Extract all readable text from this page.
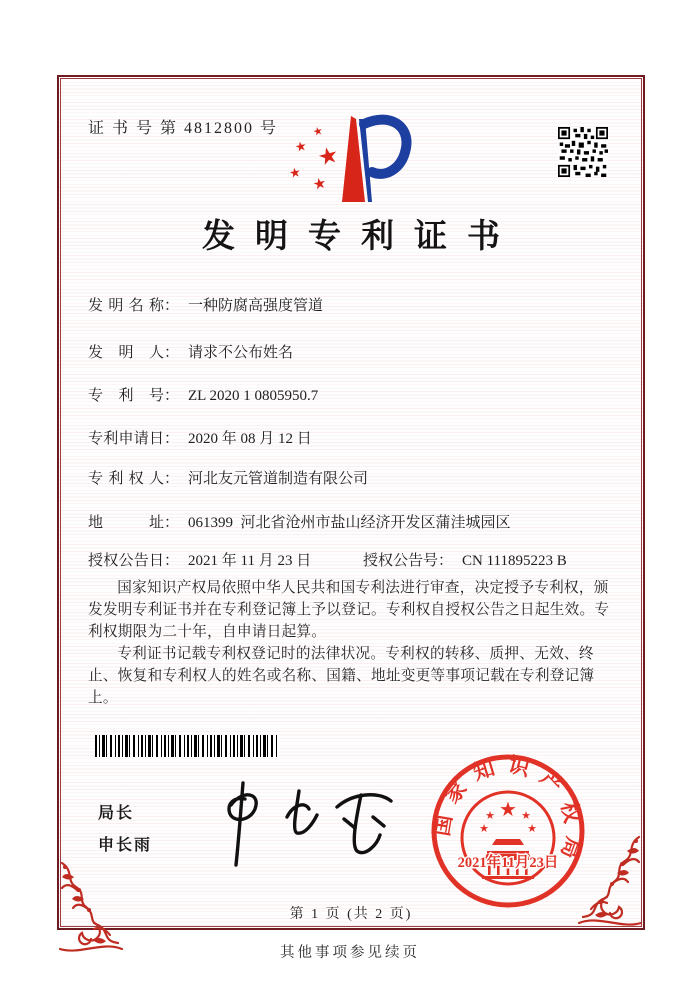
证 书 号 第 4812800 号	★
★ ★
★ ★
发明专利证书
发明名称： 一种防腐高强度管道
发明人： 请求不公布姓名
专利号： ZL 2020 1 0805950.7
专利申请日： 2020 年 08 月 12 日
专利权人： 河北友元管道制造有限公司
地址： 061399  河北省沧州市盐山经济开发区蒲洼城园区
授权公告日： 2021 年 11 月 23 日	授权公告号： CN 111895223 B

国家知识产权局依照中华人民共和国专利法进行审查，决定授予专利权，颁发发明专利证书并在专利登记簿上予以登记。专利权自授权公告之日起生效。专利权期限为二十年，自申请日起算。

专利证书记载专利权登记时的法律状况。专利权的转移、质押、无效、终止、恢复和专利权人的姓名或名称、国籍、地址变更等事项记载在专利登记簿上。

局长
申长雨
国家知识产权局
★
★ ★
★	★
2021年11月23日
第 1 页 (共 2 页)
其他事项参见续页
